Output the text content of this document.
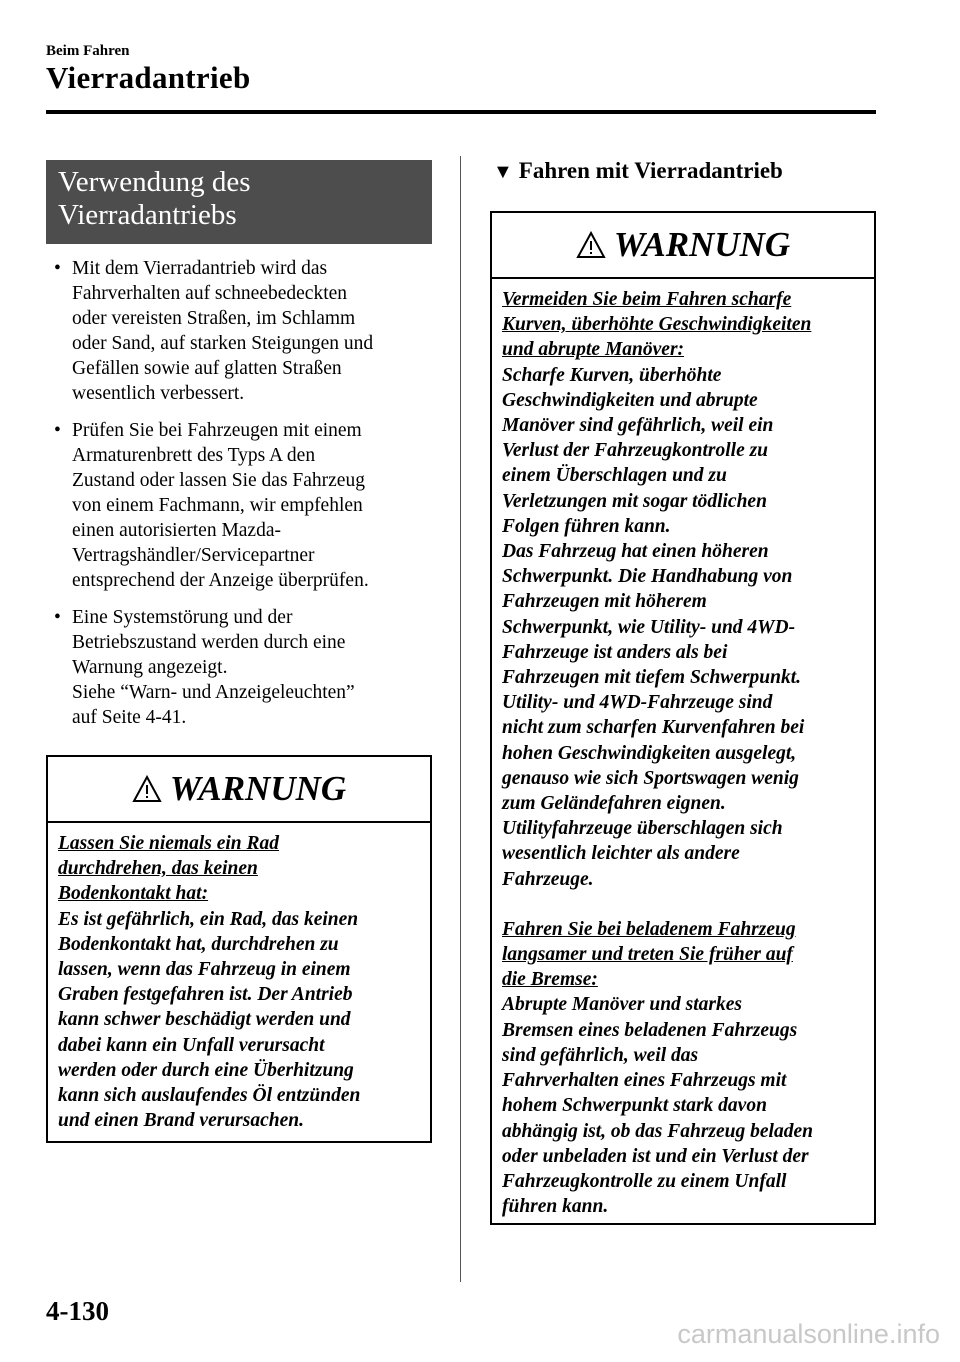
Beim Fahren
Vierradantrieb
Verwendung des
Vierradantriebs
• Mit dem Vierradantrieb wird das
Fahrverhalten auf schneebedeckten
oder vereisten Straßen, im Schlamm
oder Sand, auf starken Steigungen und
Gefällen sowie auf glatten Straßen
wesentlich verbessert.
• Prüfen Sie bei Fahrzeugen mit einem
Armaturenbrett des Typs A den
Zustand oder lassen Sie das Fahrzeug
von einem Fachmann, wir empfehlen
einen autorisierten Mazda-
Vertragshändler/Servicepartner
entsprechend der Anzeige überprüfen.
• Eine Systemstörung und der
Betriebszustand werden durch eine
Warnung angezeigt.
Siehe “Warn- und Anzeigeleuchten”
auf Seite 4-41.
WARNUNG

Lassen Sie niemals ein Rad

durchdrehen, das keinen

Bodenkontakt hat:

Es ist gefährlich, ein Rad, das keinen

Bodenkontakt hat, durchdrehen zu

lassen, wenn das Fahrzeug in einem

Graben festgefahren ist. Der Antrieb

kann schwer beschädigt werden und

dabei kann ein Unfall verursacht

werden oder durch eine Überhitzung

kann sich auslaufendes Öl entzünden

und einen Brand verursachen.

▼ Fahren mit Vierradantrieb
WARNUNG

Vermeiden Sie beim Fahren scharfe

Kurven, überhöhte Geschwindigkeiten

und abrupte Manöver:

Scharfe Kurven, überhöhte

Geschwindigkeiten und abrupte

Manöver sind gefährlich, weil ein

Verlust der Fahrzeugkontrolle zu

einem Überschlagen und zu

Verletzungen mit sogar tödlichen

Folgen führen kann.

Das Fahrzeug hat einen höheren

Schwerpunkt. Die Handhabung von

Fahrzeugen mit höherem

Schwerpunkt, wie Utility- und 4WD-

Fahrzeuge ist anders als bei

Fahrzeugen mit tiefem Schwerpunkt.

Utility- und 4WD-Fahrzeuge sind

nicht zum scharfen Kurvenfahren bei

hohen Geschwindigkeiten ausgelegt,

genauso wie sich Sportswagen wenig

zum Geländefahren eignen.

Utilityfahrzeuge überschlagen sich

wesentlich leichter als andere

Fahrzeuge.

Fahren Sie bei beladenem Fahrzeug

langsamer und treten Sie früher auf

die Bremse:

Abrupte Manöver und starkes

Bremsen eines beladenen Fahrzeugs

sind gefährlich, weil das

Fahrverhalten eines Fahrzeugs mit

hohem Schwerpunkt stark davon

abhängig ist, ob das Fahrzeug beladen

oder unbeladen ist und ein Verlust der

Fahrzeugkontrolle zu einem Unfall

führen kann.

4-130
carmanualsonline.info
